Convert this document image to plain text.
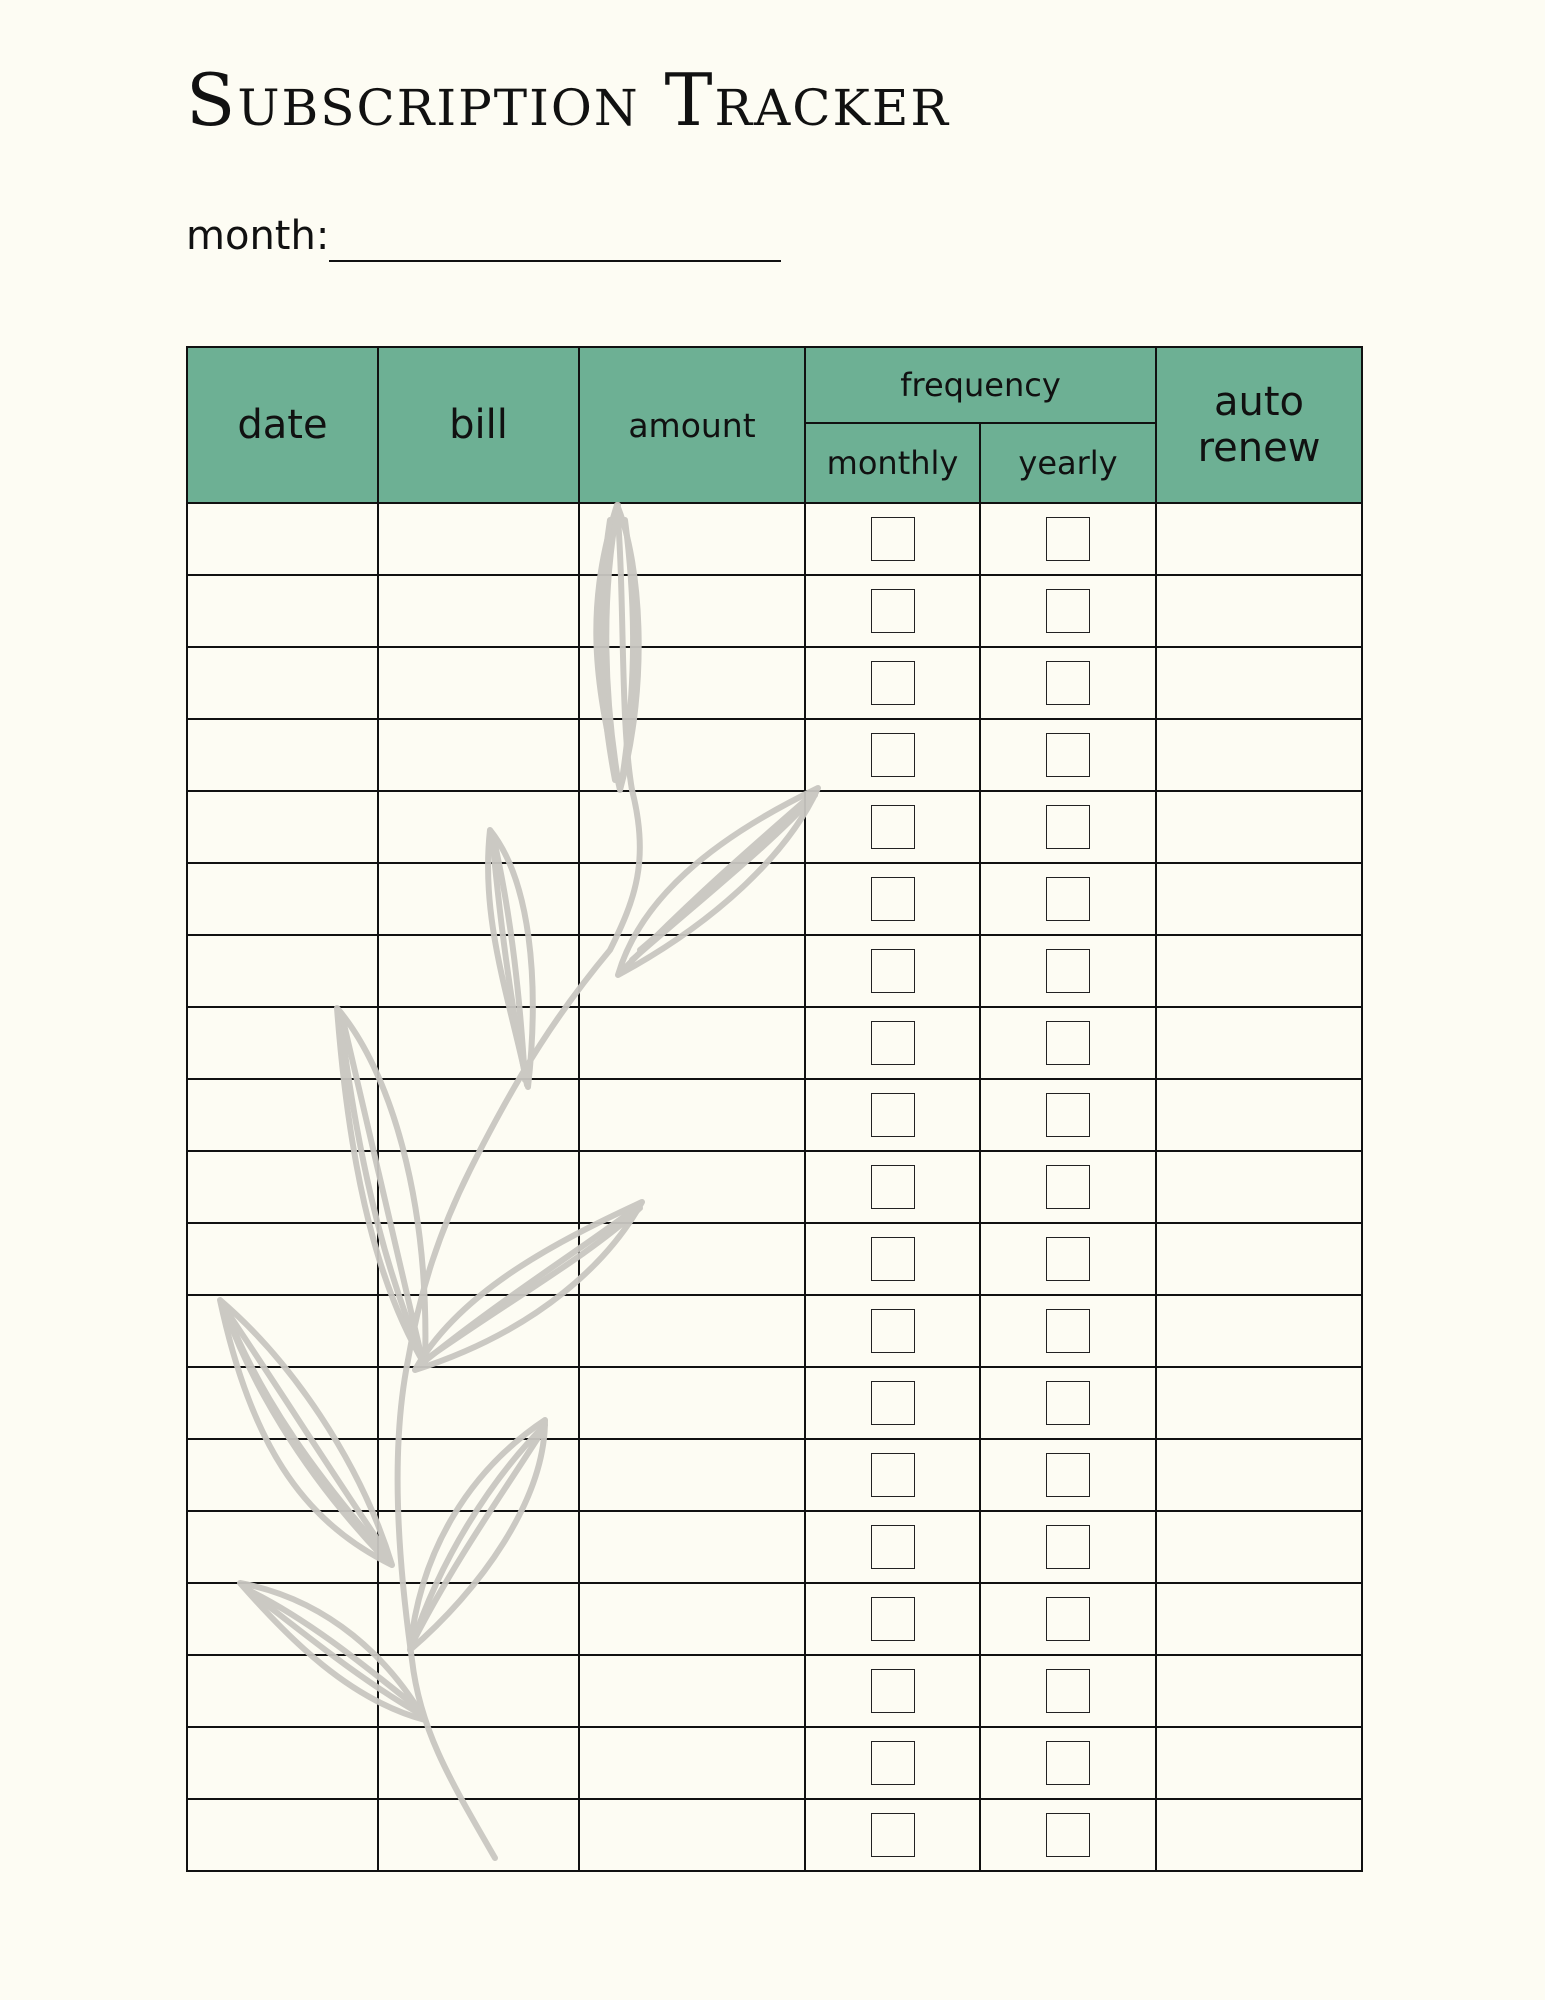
Subscription Tracker
month:
date	bill	amount	frequency		auto renew
			monthly	yearly	
